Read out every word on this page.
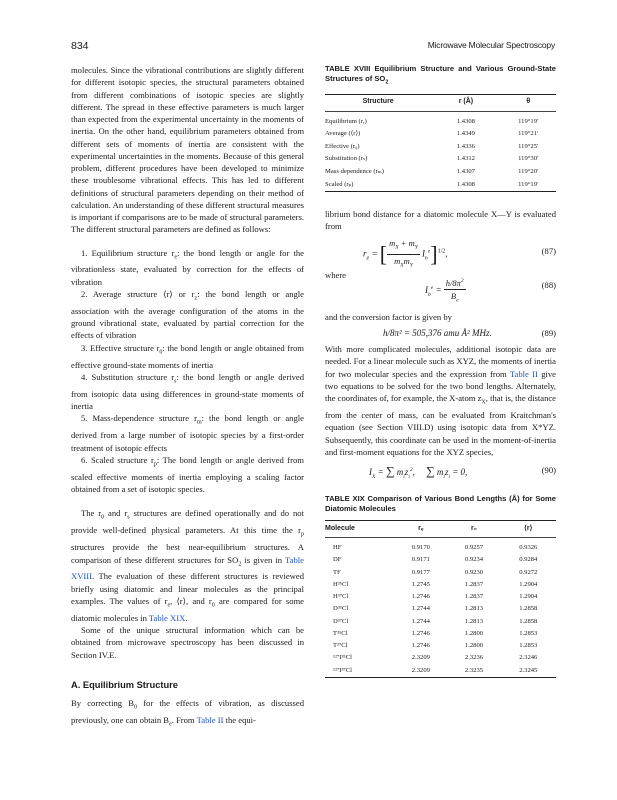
834	Microwave Molecular Spectroscopy

molecules. Since the vibrational contributions are slightly different for different isotopic species, the structural parameters obtained from different combinations of isotopic species are slightly different. The spread in these effective parameters is much larger than expected from the experimental uncertainty in the moments of inertia. On the other hand, equilibrium parameters obtained from different sets of moments of inertia are consistent with the experimental uncertainties in the moments. Because of this general problem, different procedures have been developed to minimize these troublesome vibrational effects. This has led to different definitions of structural parameters depending on their method of calculation. An understanding of these different structural measures is important if comparisons are to be made of structural parameters. The different structural parameters are defined as follows:

1. Equilibrium structure $r_e$: the bond length or angle for the vibrationless state, evaluated by correction for the effects of vibration

2. Average structure ⟨r⟩ or $r_z$: the bond length or angle association with the average configuration of the atoms in the ground vibrational state, evaluated by partial correction for the effects of vibration

3. Effective structure $r_0$: the bond length or angle obtained from effective ground-state moments of inertia

4. Substitution structure $r_s$: the bond length or angle derived from isotopic data using differences in ground-state moments of inertia

5. Mass-dependence structure $r_m$: the bond length or angle derived from a large number of isotopic species by a first-order treatment of isotopic effects

6. Scaled structure $r_p$: The bond length or angle derived from scaled effective moments of inertia employing a scaling factor obtained from a set of isotopic species.

The $r_0$ and $r_s$ structures are defined operationally and do not provide well-defined physical parameters. At this time the $r_p$ structures provide the best near-equilibrium structures. A comparison of these different structures for $SO_2$ is given in Table XVIII. The evaluation of these different structures is reviewed briefly using diatomic and linear molecules as the principal examples. The values of $r_e$, ⟨r⟩, and $r_0$ are compared for some diatomic molecules in Table XIX.

Some of the unique structural information which can be obtained from microwave spectroscopy has been discussed in Section IV.E.

A. Equilibrium Structure

By correcting $B_0$ for the effects of vibration, as discussed previously, one can obtain $B_e$. From Table II the equi-

TABLE XVIII Equilibrium Structure and Various Ground-State Structures of $SO_2$
Structure	r (Å)	θ

Equilibrium (rₑ)	1.4308	119°19′
Average (⟨r⟩)	1.4349	119°21′
Effective (r₀)	1.4336	119°25′
Substitution (rₛ)	1.4312	119°30′
Mass dependence (rₘ)	1.4307	119°20′
Scaled (rₚ)	1.4308	119°19′

librium bond distance for a diatomic molecule X—Y is evaluated from

$r_e$ = [ $\frac{m_X + m_Y}{m_Xm_Y} I_b^e]^{1/2}$,	(87)

where

$I_b^e = \frac{h/8\pi^2}{B_e}$	(88)

and the conversion factor is given by

h/8π² = 505,376 amu Å² MHz.	(89)

With more complicated molecules, additional isotopic data are needed. For a linear molecule such as XYZ, the moments of inertia for two molecular species and the expression from Table II give two equations to be solved for the two bond lengths. Alternately, the coordinates of, for example, the X-atom $z_X$, that is, the distance from the center of mass, can be evaluated from Kraitchman's equation (see Section VIII.D) using isotopic data from X*YZ. Subsequently, this coordinate can be used in the moment-of-inertia and first-moment equations for the XYZ species,

$I_X$ = ∑ $m_iz_i^2$,     ∑ $m_iz_i = 0$,	(90)
TABLE XIX Comparison of Various Bond Lengths (Å) for Some Diatomic Molecules
Molecule	rₑ	r₀	⟨r⟩

HF	0.9170	0.9257	0.9326
DF	0.9171	0.9234	0.9284
TF	0.9177	0.9230	0.9272
H³⁵Cl	1.2745	1.2837	1.2904
H³⁷Cl	1.2746	1.2837	1.2904
D³⁵Cl	1.2744	1.2813	1.2858
D³⁷Cl	1.2744	1.2813	1.2858
T³⁵Cl	1.2746	1.2800	1.2853
T³⁷Cl	1.2746	1.2800	1.2853
¹²⁷I³⁵Cl	2.3209	2.3236	2.3246
¹²⁷I³⁷Cl	2.3209	2.3235	2.3245
